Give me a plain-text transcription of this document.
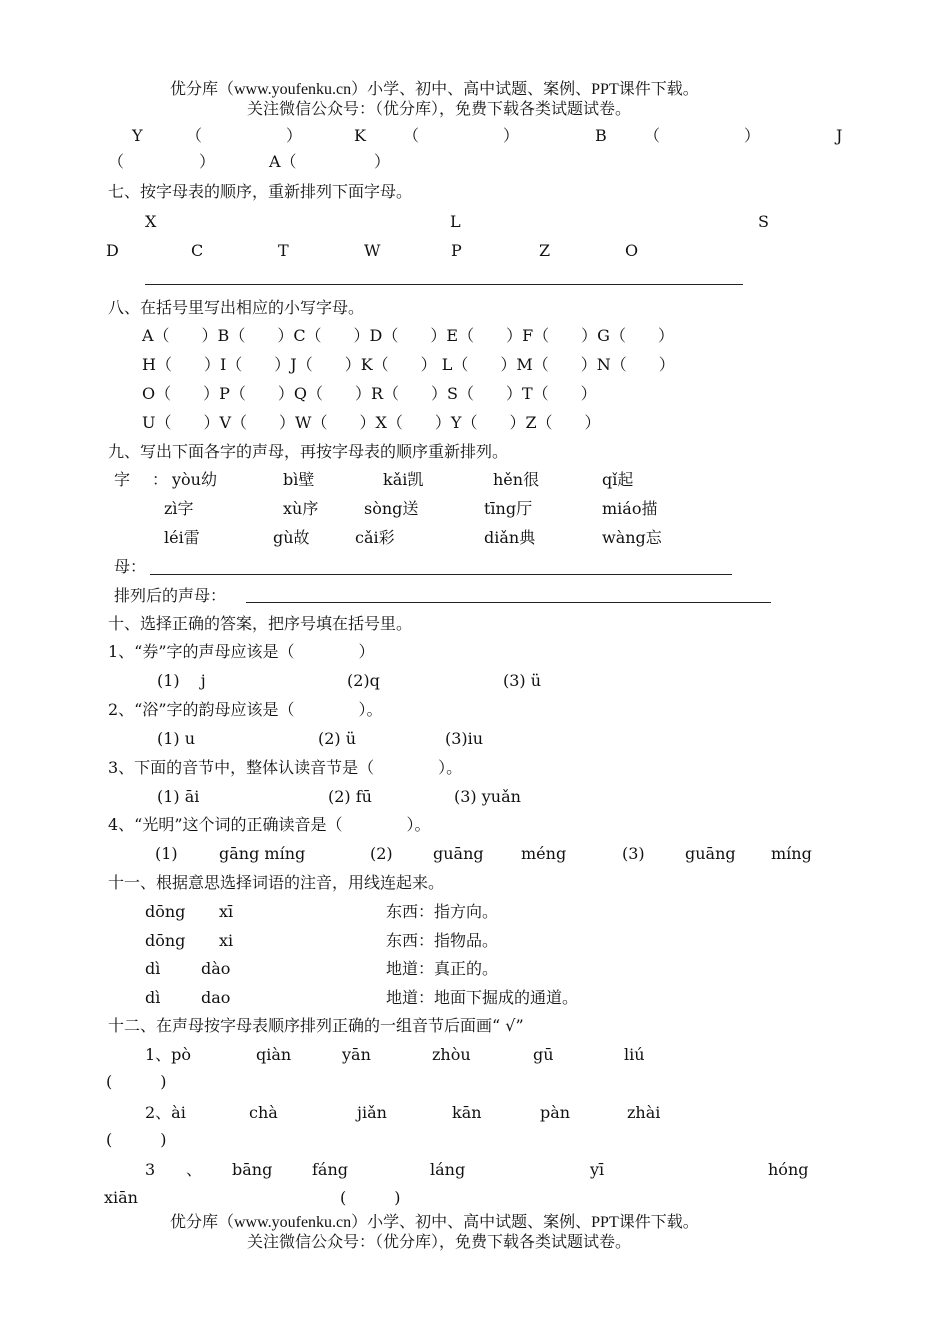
优分库（www.youfenku.cn）小学、初中、高中试题、案例、PPT课件下载。
关注微信公众号：（优分库），免费下载各类试题试卷。
Y	（	）	K （	）	B （	）	J
（	）	A（	）
七、按字母表的顺序，重新排列下面字母。
X	L	S
D	C	T	W	P	Z	O
八、在括号里写出相应的小写字母。
A（　　）B（　　）C（　　）D（　　）E（　　）F（　　）G（　　）
H（　　）I（　　）J（　　）K（　　） L（　　）M（　　）N（　　）
O（　　）P（　　）Q（　　）R（　　）S（　　）T（　　）
U（　　）V（　　）W（　　）X（　　）Y（　　）Z（　　）
九、写出下面各字的声母，再按字母表的顺序重新排列。
字 ： yòu幼	bì壁	kǎi凯	hěn很	qǐ起
zì字	xù序	sòng送	tīng厅	miáo描
léi雷	gù故	cǎi彩	diǎn典	wàng忘
母：
排列后的声母：
十、选择正确的答案，把序号填在括号里。
1、“券”字的声母应该是（　　　　）
(1)　 j	(2)q	(3) ü
2、“浴”字的韵母应该是（　　　　）。
(1) u	(2) ü	(3)iu
3、下面的音节中，整体认读音节是（　　　　）。
(1) āi	(2) fū	(3) yuǎn
4、“光明”这个词的正确读音是（　　　　）。
(1)	gāng míng	(2)	guāng méng	(3)	guāng míng
十一、根据意思选择词语的注音，用线连起来。
dōng xī	东西：指方向。
dōng xi	东西：指物品。
dì	dào	地道：真正的。
dì	dao	地道：地面下掘成的通道。
十二、在声母按字母表顺序排列正确的一组音节后面画“ √”
1、pò	qiàn	yān	zhòu	gū	liú
(　　　)
2、ài	chà	jiǎn	kān	pàn	zhài
(　　　)
3 、 bāng fáng	láng	yī	hóng
xiān	(　　　)
优分库（www.youfenku.cn）小学、初中、高中试题、案例、PPT课件下载。
关注微信公众号：（优分库），免费下载各类试题试卷。
